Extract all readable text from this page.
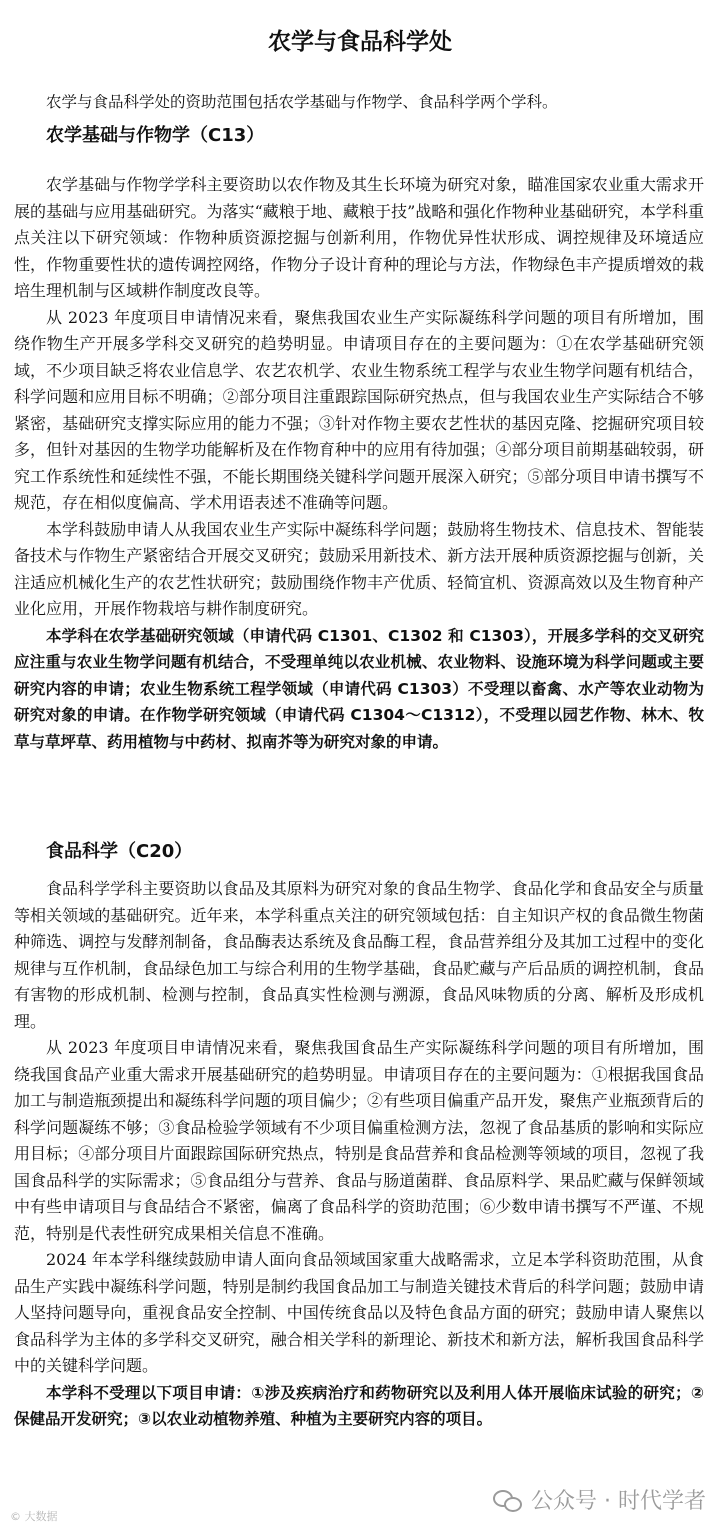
农学与食品科学处
农学与食品科学处的资助范围包括农学基础与作物学、食品科学两个学科。
农学基础与作物学（C13）

农学基础与作物学学科主要资助以农作物及其生长环境为研究对象，瞄准国家农业重大需求开展的基础与应用基础研究。为落实“藏粮于地、藏粮于技”战略和强化作物种业基础研究，本学科重点关注以下研究领域：作物种质资源挖掘与创新利用，作物优异性状形成、调控规律及环境适应性，作物重要性状的遗传调控网络，作物分子设计育种的理论与方法，作物绿色丰产提质增效的栽培生理机制与区域耕作制度改良等。

从 2023 年度项目申请情况来看，聚焦我国农业生产实际凝练科学问题的项目有所增加，围绕作物生产开展多学科交叉研究的趋势明显。申请项目存在的主要问题为：①在农学基础研究领域，不少项目缺乏将农业信息学、农艺农机学、农业生物系统工程学与农业生物学问题有机结合，科学问题和应用目标不明确；②部分项目注重跟踪国际研究热点，但与我国农业生产实际结合不够紧密，基础研究支撑实际应用的能力不强；③针对作物主要农艺性状的基因克隆、挖掘研究项目较多，但针对基因的生物学功能解析及在作物育种中的应用有待加强；④部分项目前期基础较弱，研究工作系统性和延续性不强，不能长期围绕关键科学问题开展深入研究；⑤部分项目申请书撰写不规范，存在相似度偏高、学术用语表述不准确等问题。

本学科鼓励申请人从我国农业生产实际中凝练科学问题；鼓励将生物技术、信息技术、智能装备技术与作物生产紧密结合开展交叉研究；鼓励采用新技术、新方法开展种质资源挖掘与创新，关注适应机械化生产的农艺性状研究；鼓励围绕作物丰产优质、轻简宜机、资源高效以及生物育种产业化应用，开展作物栽培与耕作制度研究。

本学科在农学基础研究领域（申请代码 C1301、C1302 和 C1303），开展多学科的交叉研究应注重与农业生物学问题有机结合，不受理单纯以农业机械、农业物料、设施环境为科学问题或主要研究内容的申请；农业生物系统工程学领域（申请代码 C1303）不受理以畜禽、水产等农业动物为研究对象的申请。在作物学研究领域（申请代码 C1304～C1312），不受理以园艺作物、林木、牧草与草坪草、药用植物与中药材、拟南芥等为研究对象的申请。

食品科学（C20）

食品科学学科主要资助以食品及其原料为研究对象的食品生物学、食品化学和食品安全与质量等相关领域的基础研究。近年来，本学科重点关注的研究领域包括：自主知识产权的食品微生物菌种筛选、调控与发酵剂制备，食品酶表达系统及食品酶工程，食品营养组分及其加工过程中的变化规律与互作机制，食品绿色加工与综合利用的生物学基础，食品贮藏与产后品质的调控机制，食品有害物的形成机制、检测与控制，食品真实性检测与溯源，食品风味物质的分离、解析及形成机理。

从 2023 年度项目申请情况来看，聚焦我国食品生产实际凝练科学问题的项目有所增加，围绕我国食品产业重大需求开展基础研究的趋势明显。申请项目存在的主要问题为：①根据我国食品加工与制造瓶颈提出和凝练科学问题的项目偏少；②有些项目偏重产品开发，聚焦产业瓶颈背后的科学问题凝练不够；③食品检验学领域有不少项目偏重检测方法，忽视了食品基质的影响和实际应用目标；④部分项目片面跟踪国际研究热点，特别是食品营养和食品检测等领域的项目，忽视了我国食品科学的实际需求；⑤食品组分与营养、食品与肠道菌群、食品原料学、果品贮藏与保鲜领域中有些申请项目与食品结合不紧密，偏离了食品科学的资助范围；⑥少数申请书撰写不严谨、不规范，特别是代表性研究成果相关信息不准确。

2024 年本学科继续鼓励申请人面向食品领域国家重大战略需求，立足本学科资助范围，从食品生产实践中凝练科学问题，特别是制约我国食品加工与制造关键技术背后的科学问题；鼓励申请人坚持问题导向，重视食品安全控制、中国传统食品以及特色食品方面的研究；鼓励申请人聚焦以食品科学为主体的多学科交叉研究，融合相关学科的新理论、新技术和新方法，解析我国食品科学中的关键科学问题。

本学科不受理以下项目申请：①涉及疾病治疗和药物研究以及利用人体开展临床试验的研究；②保健品开发研究；③以农业动植物养殖、种植为主要研究内容的项目。

© 大数据
公众号 · 时代学者
